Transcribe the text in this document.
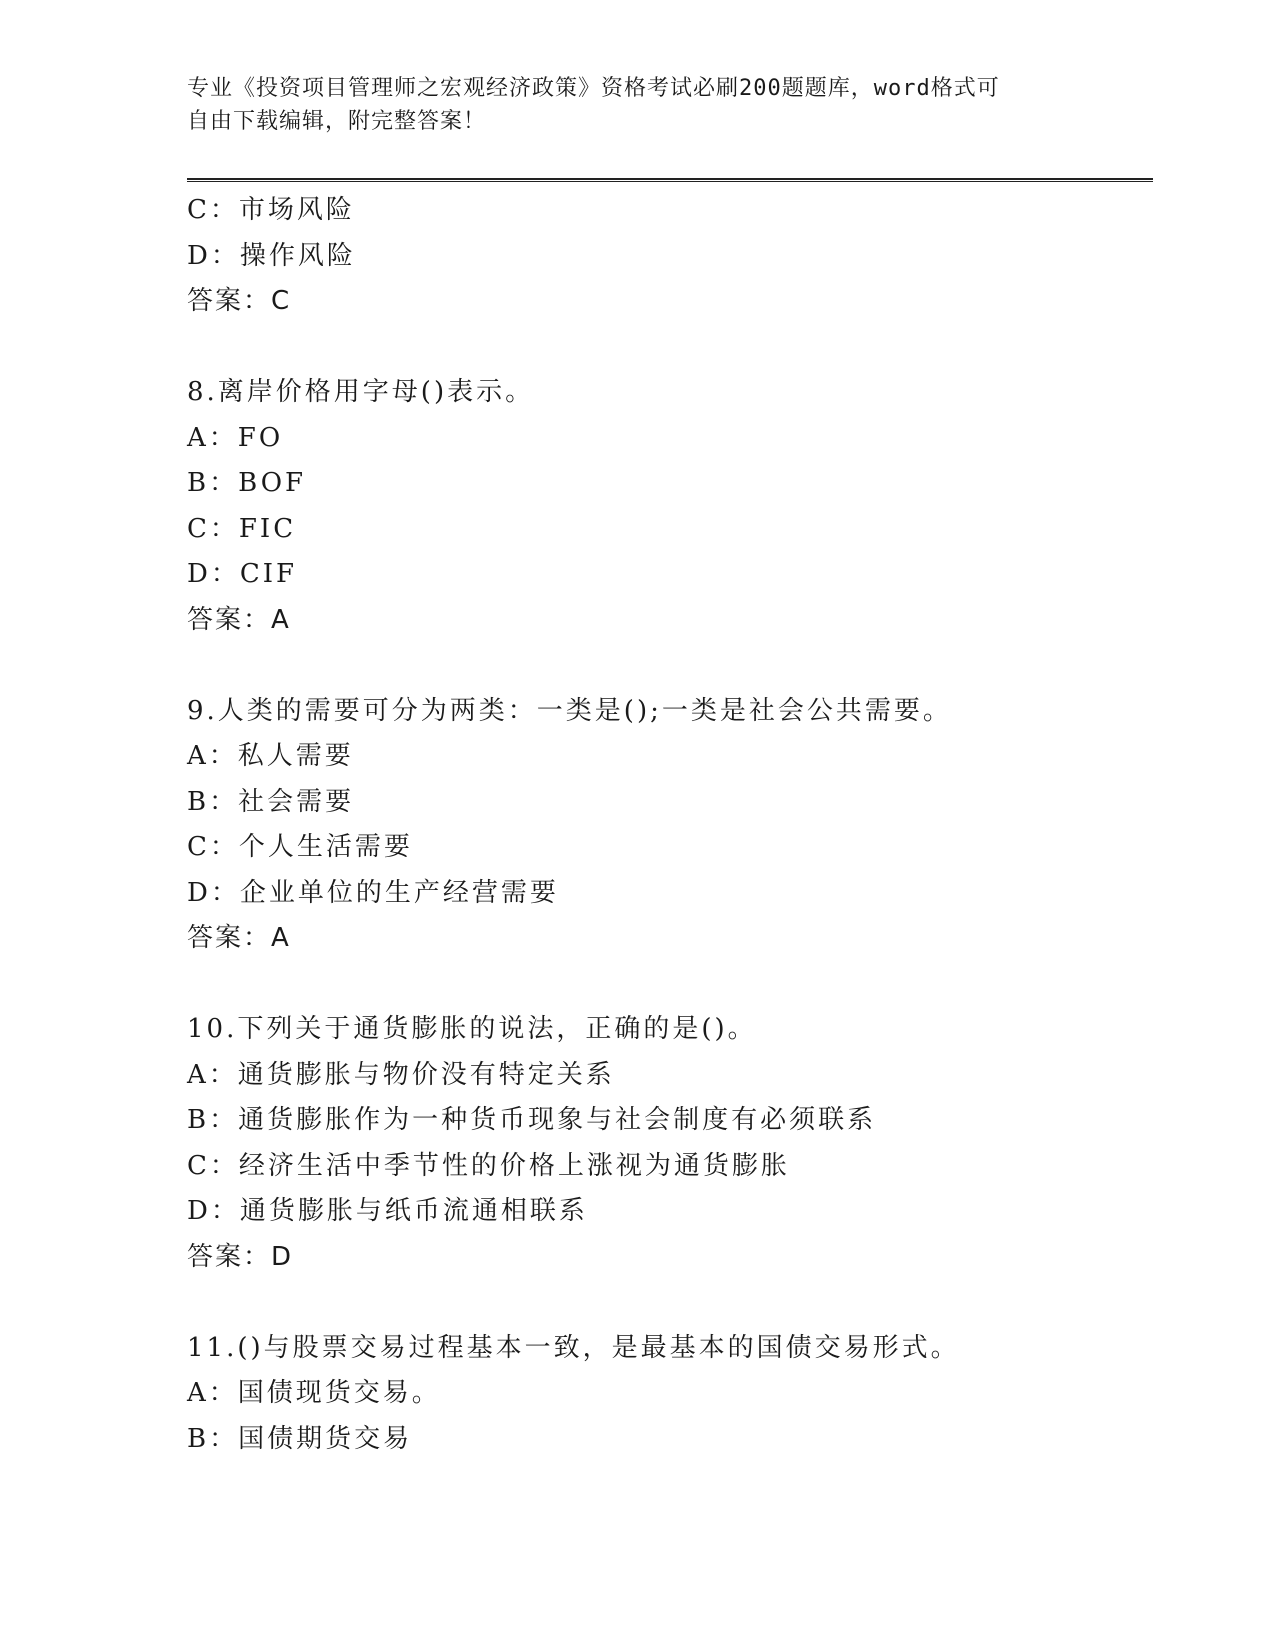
专业《投资项目管理师之宏观经济政策》资格考试必刷200题题库，word格式可
自由下载编辑，附完整答案！
C：市场风险
D：操作风险
答案：C
8.离岸价格用字母()表示。
A：FO
B：BOF
C：FIC
D：CIF
答案：A
9.人类的需要可分为两类：一类是();一类是社会公共需要。
A：私人需要
B：社会需要
C：个人生活需要
D：企业单位的生产经营需要
答案：A
10.下列关于通货膨胀的说法，正确的是()。
A：通货膨胀与物价没有特定关系
B：通货膨胀作为一种货币现象与社会制度有必须联系
C：经济生活中季节性的价格上涨视为通货膨胀
D：通货膨胀与纸币流通相联系
答案：D
11.()与股票交易过程基本一致，是最基本的国债交易形式。
A：国债现货交易。
B：国债期货交易
